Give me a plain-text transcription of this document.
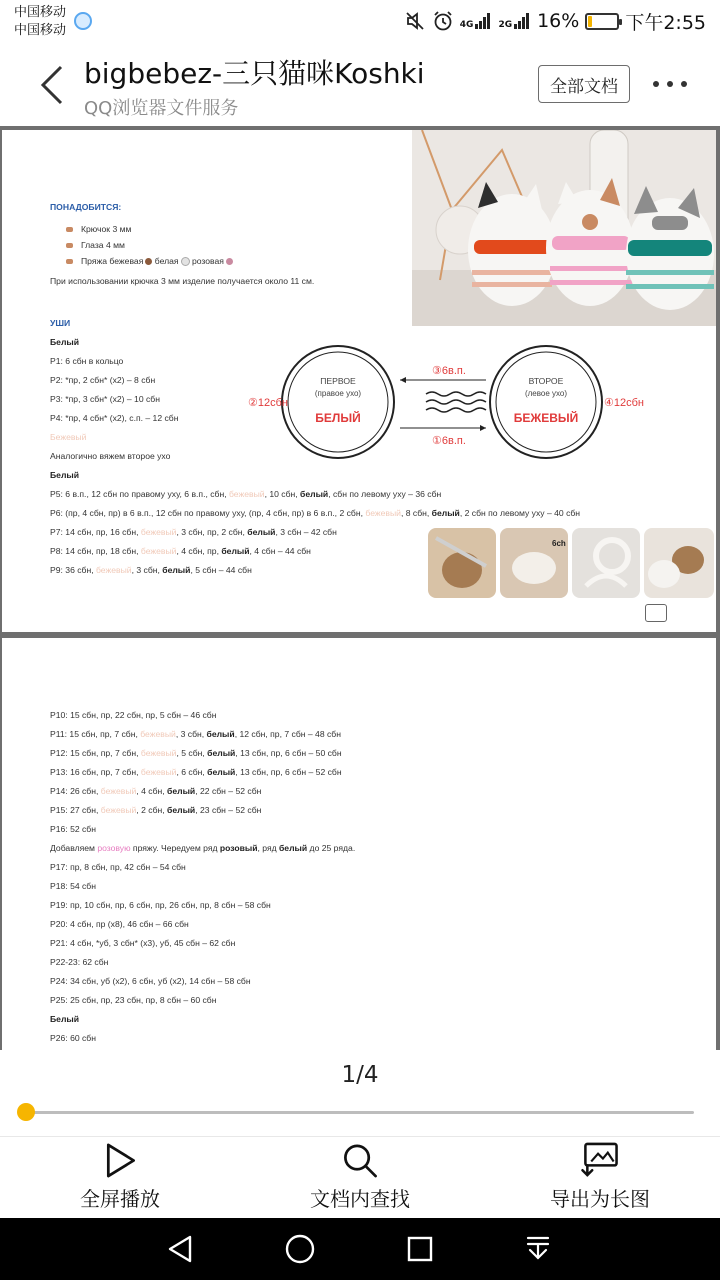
中国移动
中国移动	4G	2G 16% 下午2:55
bigbebez-三只猫咪Koshki
QQ浏览器文件服务
全部文档
ПОНАДОБИТСЯ:
Крючок 3 мм
Глаза 4 мм
Пряжа бежевая белая розовая
При использовании крючка 3 мм изделие получается около 11 см.
УШИ
Белый
Р1: 6 сбн в кольцо
Р2: *пр, 2 сбн* (х2) – 8 сбн
Р3: *пр, 3 сбн* (х2) – 10 сбн
Р4: *пр, 4 сбн* (х2), с.п. – 12 сбн
Бежевый
Аналогично вяжем второе ухо
Белый
Р5: 6 в.п., 12 сбн по правому уху, 6 в.п., сбн, бежевый, 10 сбн, белый, сбн по левому уху – 36 сбн
Р6: (пр, 4 сбн, пр) в 6 в.п., 12 сбн по правому уху, (пр, 4 сбн, пр) в 6 в.п., 2 сбн, бежевый, 8 сбн, белый, 2 сбн по левому уху – 40 сбн
Р7: 14 сбн, пр, 16 сбн, бежевый, 3 сбн, пр, 2 сбн, белый, 3 сбн – 42 сбн
Р8: 14 сбн, пр, 18 сбн, бежевый, 4 сбн, пр, белый, 4 сбн – 44 сбн
Р9: 36 сбн, бежевый, 3 сбн, белый, 5 сбн – 44 сбн
ПЕРВОЕ
(правое ухо)
БЕЛЫЙ
ВТОРОЕ
(левое ухо)
БЕЖЕВЫЙ
③6в.п.
①6в.п.
②12сбн	④12сбн
6сh
Р10: 15 сбн, пр, 22 сбн, пр, 5 сбн – 46 сбн
Р11: 15 сбн, пр, 7 сбн, бежевый, 3 сбн, белый, 12 сбн, пр, 7 сбн – 48 сбн
Р12: 15 сбн, пр, 7 сбн, бежевый, 5 сбн, белый, 13 сбн, пр, 6 сбн – 50 сбн
Р13: 16 сбн, пр, 7 сбн, бежевый, 6 сбн, белый, 13 сбн, пр, 6 сбн – 52 сбн
Р14: 26 сбн, бежевый, 4 сбн, белый, 22 сбн – 52 сбн
Р15: 27 сбн, бежевый, 2 сбн, белый, 23 сбн – 52 сбн
Р16: 52 сбн
Добавляем розовую пряжу. Чередуем ряд розовый, ряд белый до 25 ряда.
Р17: пр, 8 сбн, пр, 42 сбн – 54 сбн
Р18: 54 сбн
Р19: пр, 10 сбн, пр, 6 сбн, пр, 26 сбн, пр, 8 сбн – 58 сбн
Р20: 4 сбн, пр (х8), 46 сбн – 66 сбн
Р21: 4 сбн, *уб, 3 сбн* (х3), уб, 45 сбн – 62 сбн
Р22-23: 62 сбн
Р24: 34 сбн, уб (х2), 6 сбн, уб (х2), 14 сбн – 58 сбн
Р25: 25 сбн, пр, 23 сбн, пр, 8 сбн – 60 сбн
Белый
Р26: 60 сбн
1/4
全屏播放	文档内查找	导出为长图
